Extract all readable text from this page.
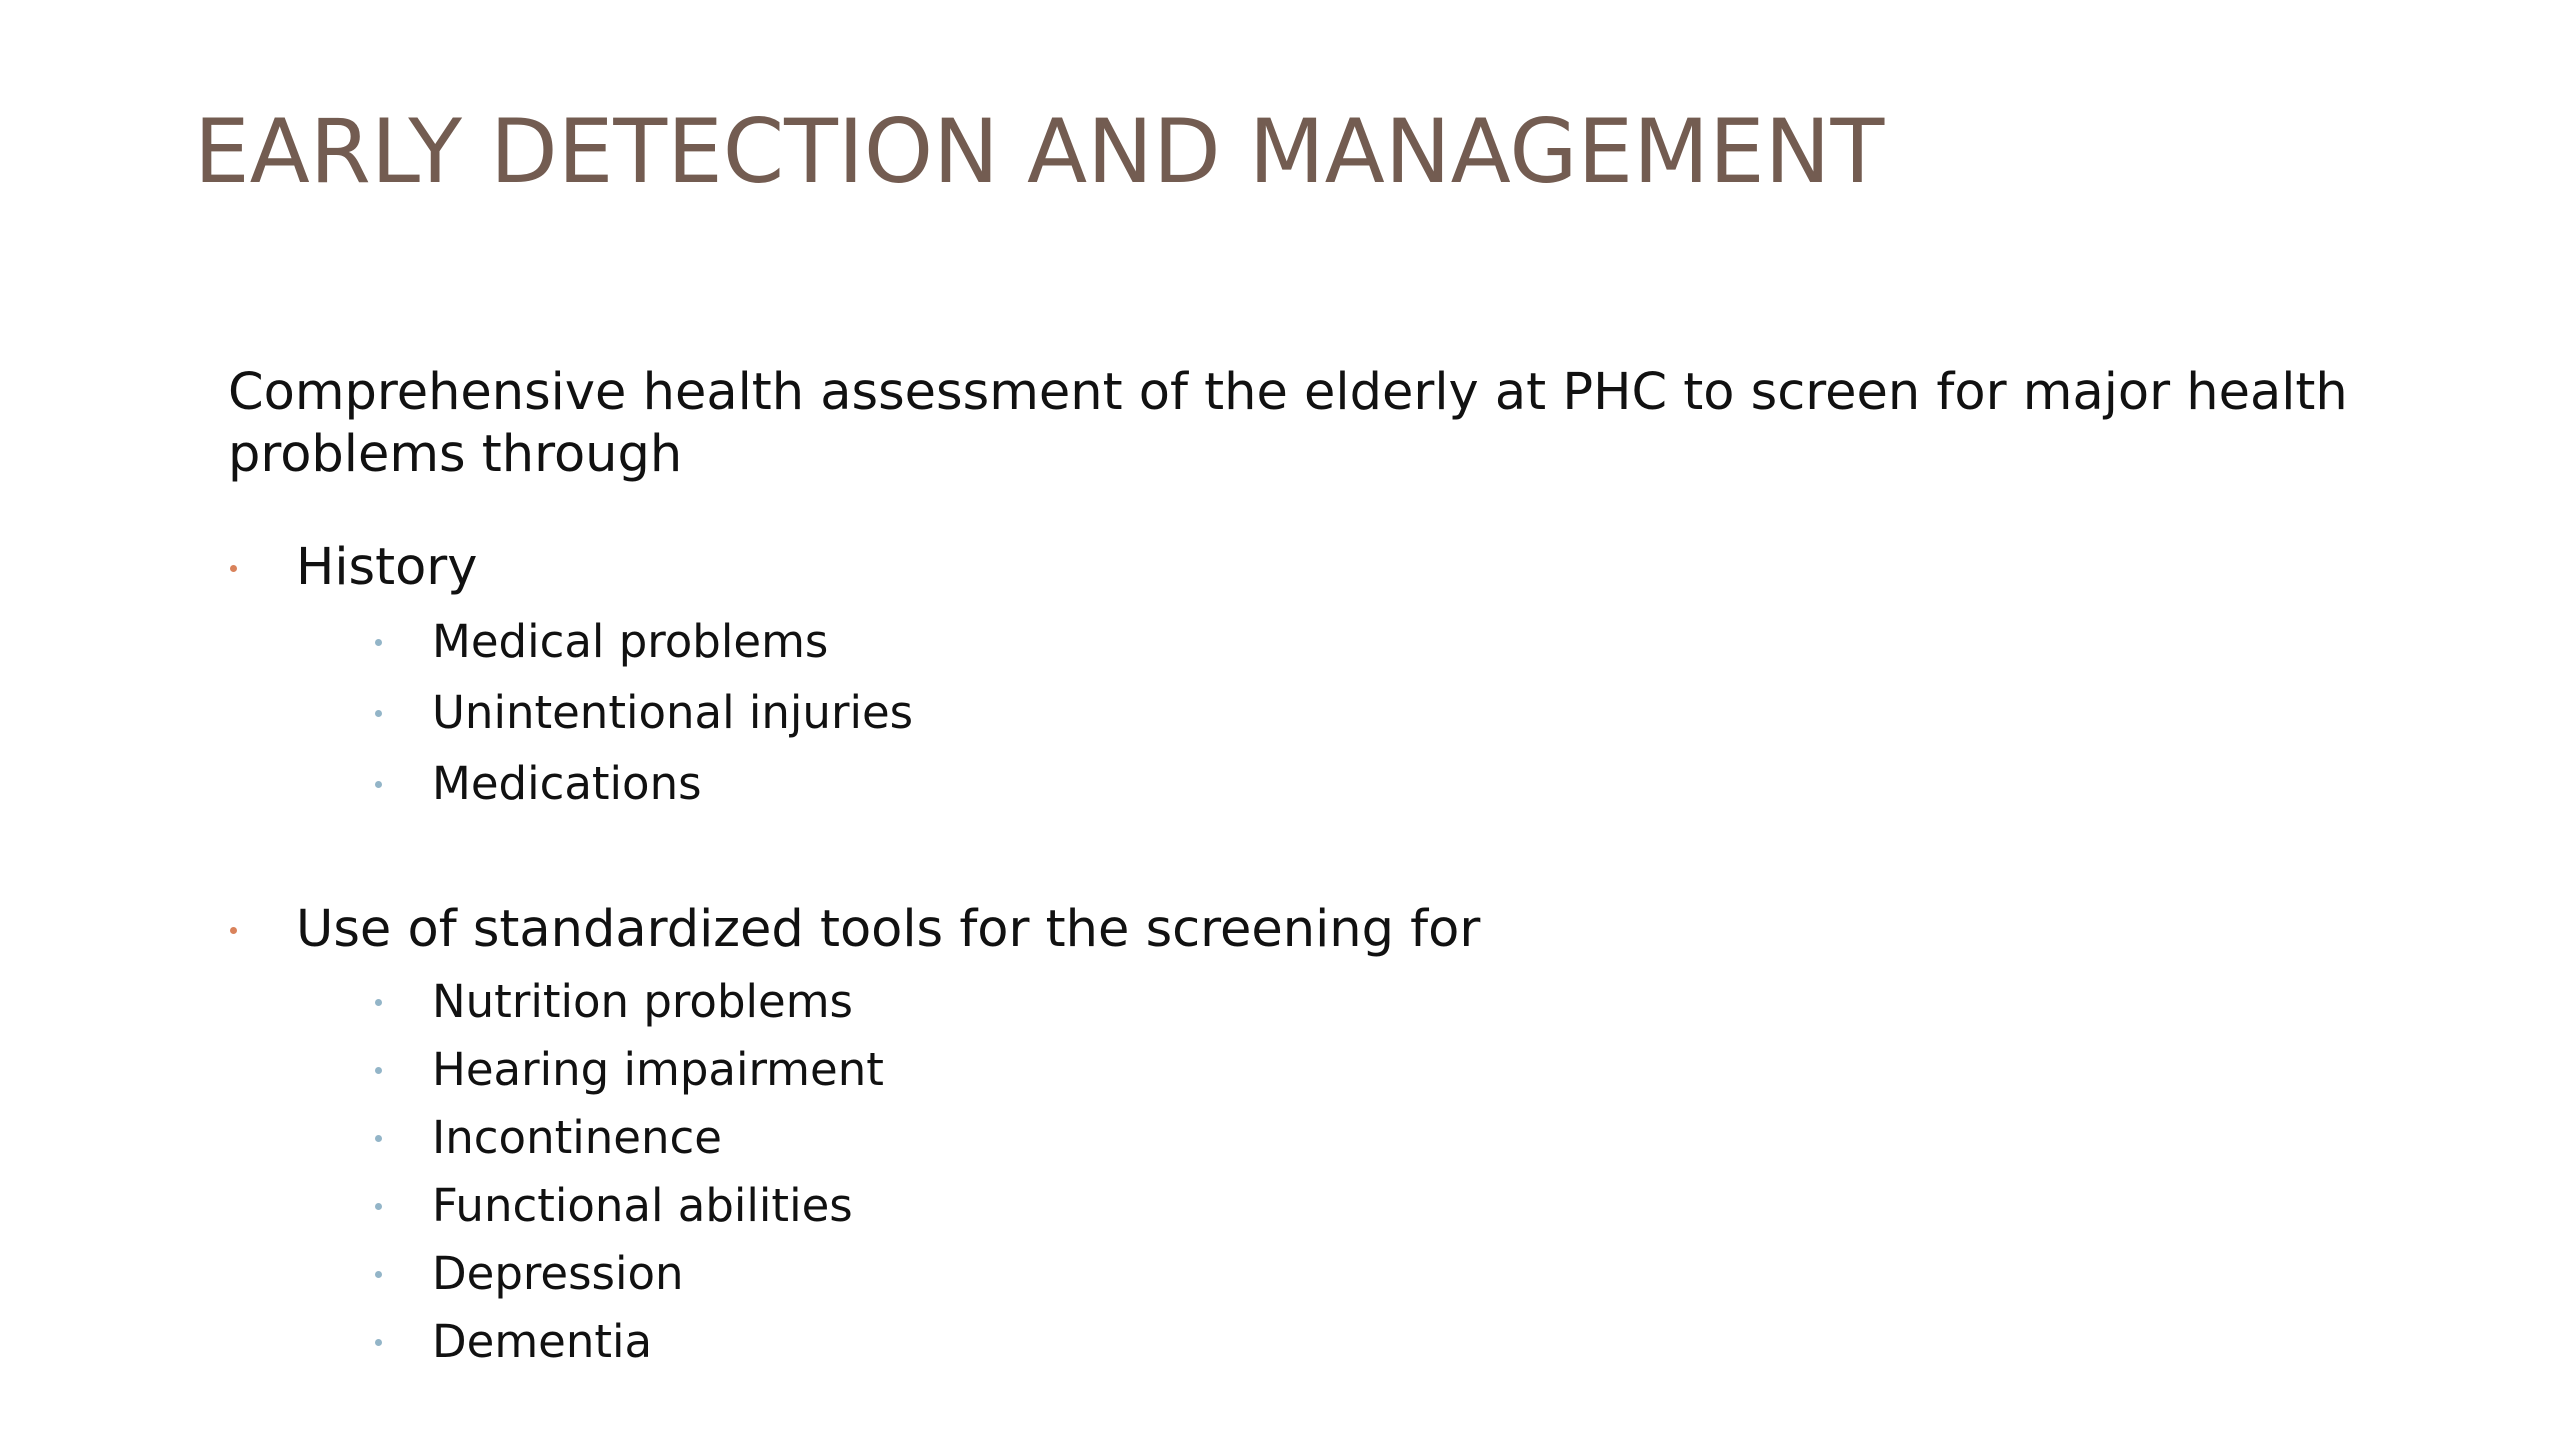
EARLY DETECTION AND MANAGEMENT

Comprehensive health assessment of the elderly at PHC to screen for major health problems through

History
Medical problems
Unintentional injuries
Medications
Use of standardized tools for the screening for
Nutrition problems
Hearing impairment
Incontinence
Functional abilities
Depression
Dementia
